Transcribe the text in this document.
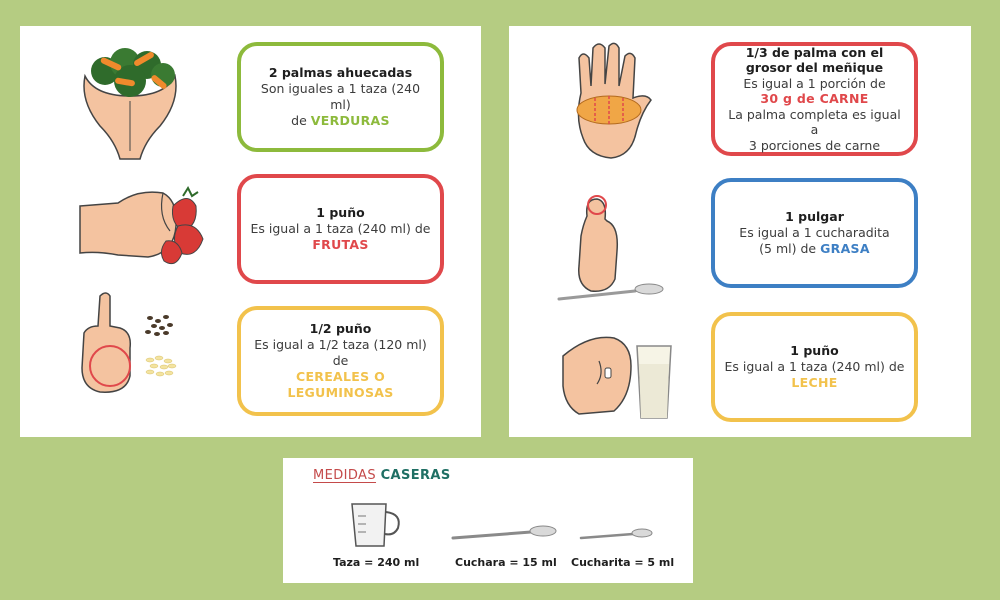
2 palmas ahuecadas
Son iguales a 1 taza (240 ml)
de VERDURAS
1 puño
Es igual a 1 taza (240 ml) de
FRUTAS
1/2 puño
Es igual a 1/2 taza (120 ml) de
CEREALES O LEGUMINOSAS
1/3 de palma con el grosor del meñique
Es igual a 1 porción de
30 g de CARNE
La palma completa es igual a
3 porciones de carne
1 pulgar
Es igual a 1 cucharadita
(5 ml) de GRASA
1 puño
Es igual a 1 taza (240 ml) de
LECHE
MEDIDAS CASERAS
Taza = 240 ml	Cuchara = 15 ml Cucharita = 5 ml
